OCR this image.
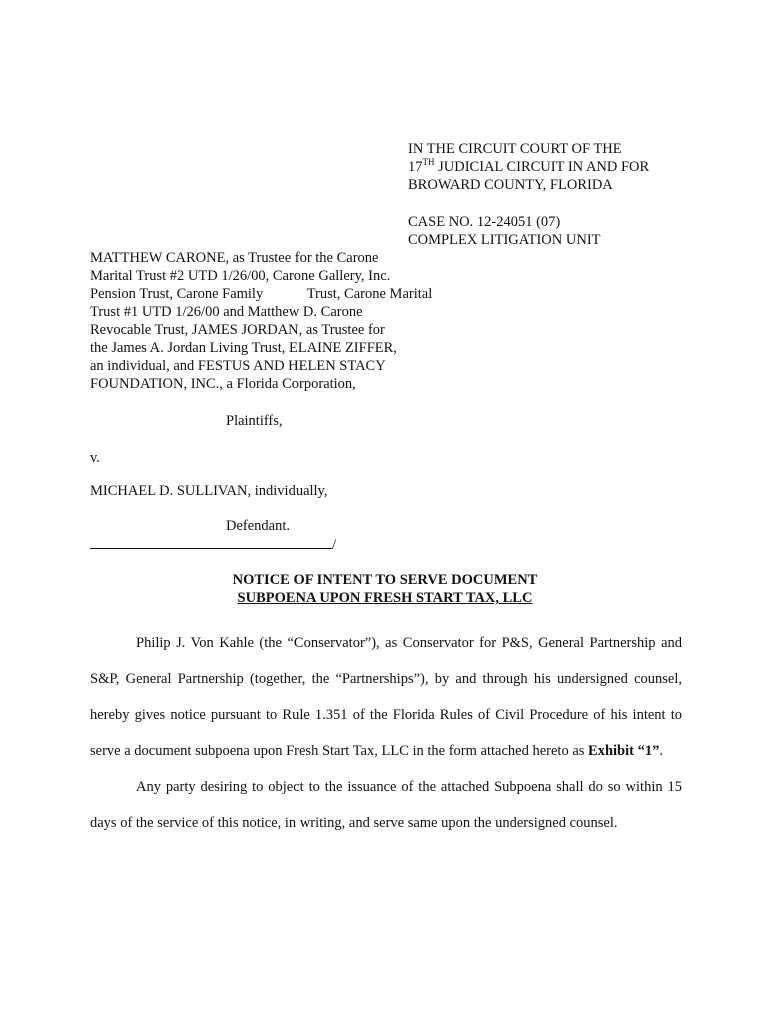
IN THE CIRCUIT COURT OF THE
17TH JUDICIAL CIRCUIT IN AND FOR
BROWARD COUNTY, FLORIDA
CASE NO. 12-24051 (07)
COMPLEX LITIGATION UNIT
MATTHEW CARONE, as Trustee for the Carone
Marital Trust #2 UTD 1/26/00, Carone Gallery, Inc.
Pension Trust, Carone Family            Trust, Carone Marital
Trust #1 UTD 1/26/00 and Matthew D. Carone
Revocable Trust, JAMES JORDAN, as Trustee for
the James A. Jordan Living Trust, ELAINE ZIFFER,
an individual, and FESTUS AND HELEN STACY
FOUNDATION, INC., a Florida Corporation,
Plaintiffs,
v.
MICHAEL D. SULLIVAN, individually,
Defendant.
/
NOTICE OF INTENT TO SERVE DOCUMENT
SUBPOENA UPON FRESH START TAX, LLC

Philip J. Von Kahle (the “Conservator”), as Conservator for P&S, General Partnership and S&P, General Partnership (together, the “Partnerships”), by and through his undersigned counsel, hereby gives notice pursuant to Rule 1.351 of the Florida Rules of Civil Procedure of his intent to serve a document subpoena upon Fresh Start Tax, LLC in the form attached hereto as Exhibit “1”.

Any party desiring to object to the issuance of the attached Subpoena shall do so within 15 days of the service of this notice, in writing, and serve same upon the undersigned counsel.
